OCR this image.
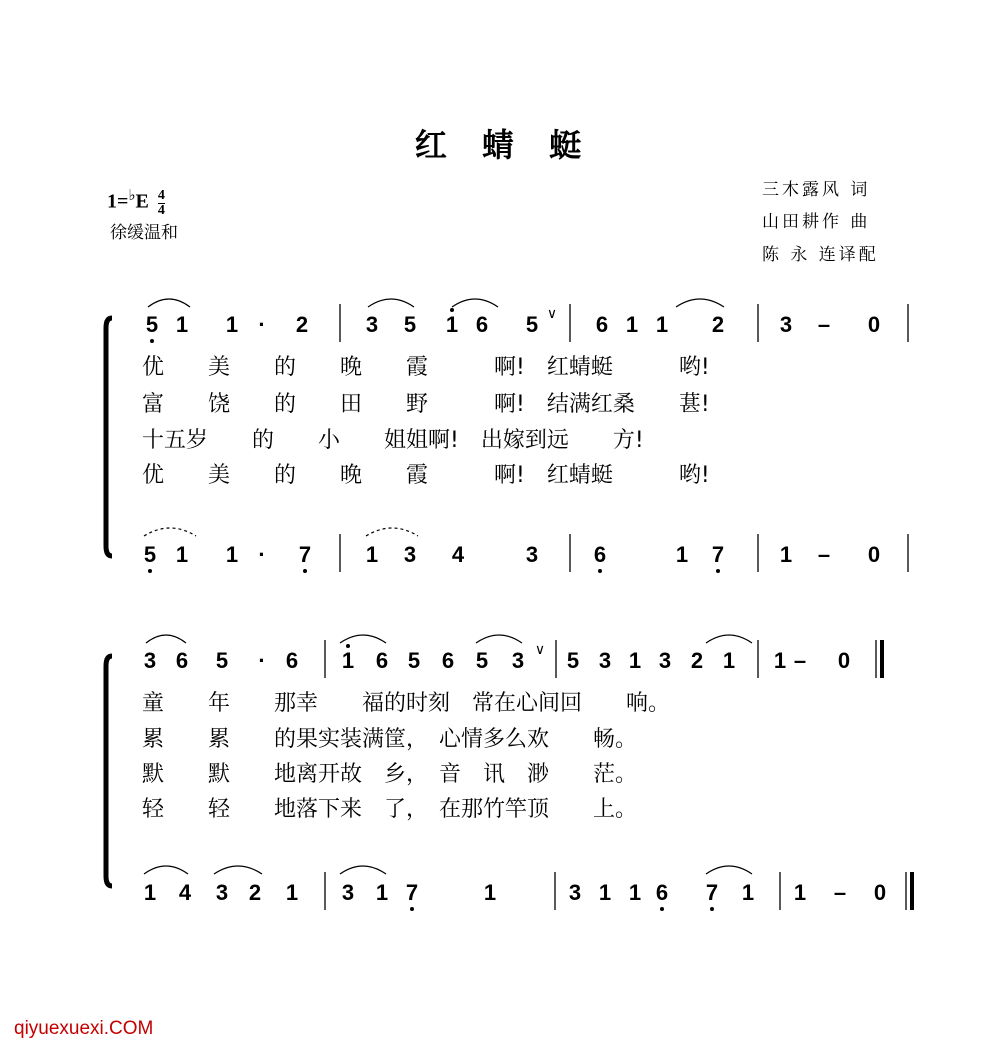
红 蜻 蜓
$1=^♭E \frac{4}{4}$
徐缓温和
三木露风 词
山田耕作 曲
陈 永 连译配
5 1 1 · 2	3 5 1 6 5 ∨ 6 1 1 2	3 – 0
5 1 1 · 7 1 3 4	3	6	1 7	1 – 0
优　　美　　的　　晚　　霞　　　啊!　红蜻蜓　　　哟!
富　　饶　　的　　田　　野　　　啊!　结满红桑　　葚!
十五岁　　的　　小　　姐姐啊!　出嫁到远　　方!
优　　美　　的　　晚　　霞　　　啊!　红蜻蜓　　　哟!
3 6 5 · 6 1 6 5 6 5 3 ∨ 5 3 1 3 2 1 1 – 0
1 4 3 2 1 3 1 7	1	3 1 1 6 7 1 1 – 0
童　　年　　那幸　　福的时刻　常在心间回　　响。
累　　累　　的果实装满筐，　心情多么欢　　畅。
默　　默　　地离开故　乡，　音　讯　渺　　茫。
轻　　轻　　地落下来　了，　在那竹竿顶　　上。
qiyuexuexi.COM
